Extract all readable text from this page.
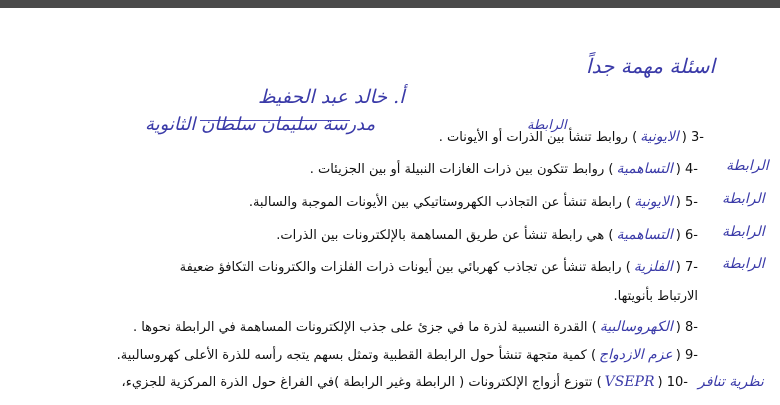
اسئلة مهمة جداً
أ. خالد عبد الحفيظ
مدرسة سليمان سلطان الثانوية	الرابطة
الرابطة
الرابطة
الرابطة
الرابطة
نظرية تنافر
-3 (الايونية) روابط تنشأ بين الذرات أو الأيونات .
-4 (التساهمية) روابط تتكون بين ذرات الغازات النبيلة أو بين الجزيئات .
-5 (الايونية) رابطة تنشأ عن التجاذب الكهروستاتيكي بين الأيونات الموجبة والسالبة.
-6 (التساهمية) هي رابطة تنشأ عن طريق المساهمة بالإلكترونات بين الذرات.
-7 (الفلزية) رابطة تنشأ عن تجاذب كهربائي بين أيونات ذرات الفلزات والكترونات التكافؤ ضعيفة
الارتباط بأنويتها.
-8 (الكهروسالبية) القدرة النسبية لذرة ما في جزئ على جذب الإلكترونات المساهمة في الرابطة نحوها .
-9 (عزم الازدواج) كمية متجهة تنشأ حول الرابطة القطبية وتمثل بسهم يتجه رأسه للذرة الأعلى كهروسالبية.
-10 (VSEPR) تتوزع أزواج الإلكترونات ( الرابطة وغير الرابطة )في الفراغ حول الذرة المركزية للجزيء،
